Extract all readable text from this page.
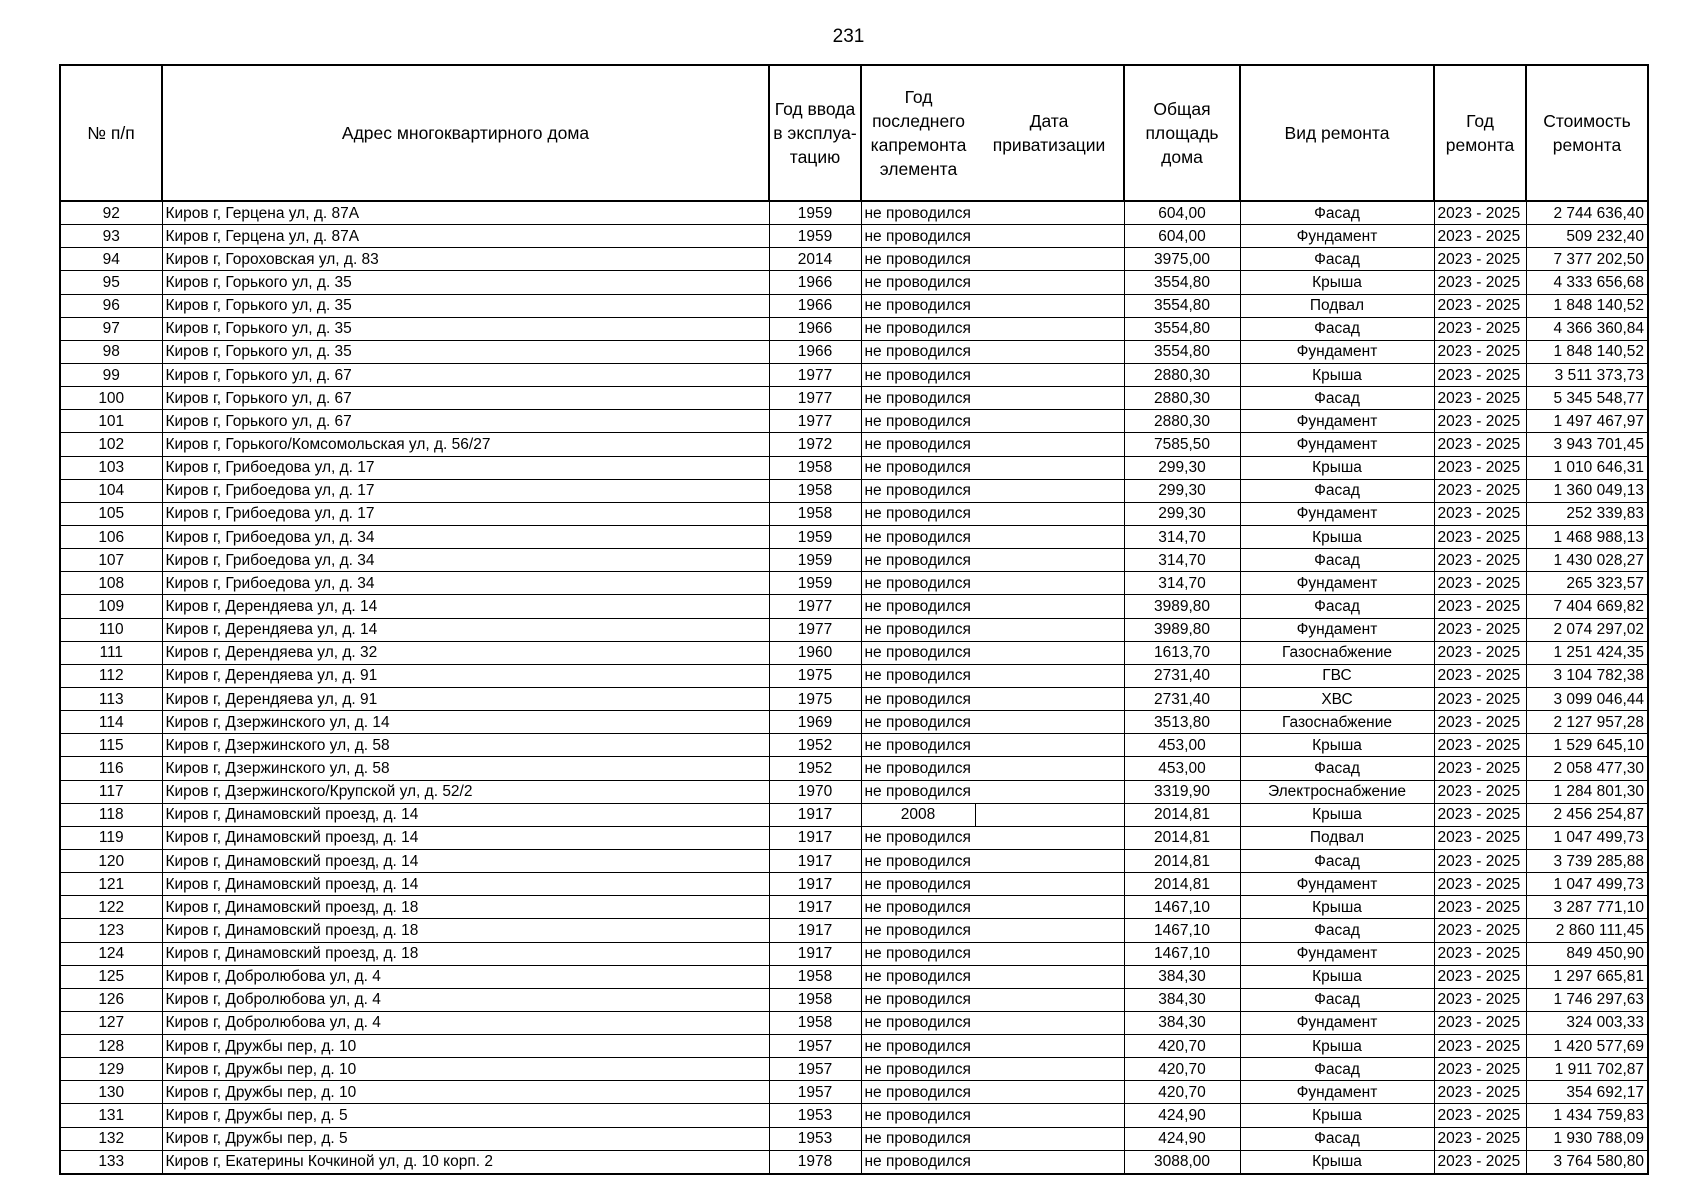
231
№ п/п	Адрес многоквартирного дома	Год ввода в эксплуа-тацию	Год последнего капремонта элемента	Дата приватизации	Общая площадь дома	Вид ремонта	Год ремонта	Стоимость ремонта
92	Киров г, Герцена ул, д. 87А	1959	не проводился		604,00	Фасад	2023 - 2025	2 744 636,40
93	Киров г, Герцена ул, д. 87А	1959	не проводился		604,00	Фундамент	2023 - 2025	509 232,40
94	Киров г, Гороховская ул, д. 83	2014	не проводился		3975,00	Фасад	2023 - 2025	7 377 202,50
95	Киров г, Горького ул, д. 35	1966	не проводился		3554,80	Крыша	2023 - 2025	4 333 656,68
96	Киров г, Горького ул, д. 35	1966	не проводился		3554,80	Подвал	2023 - 2025	1 848 140,52
97	Киров г, Горького ул, д. 35	1966	не проводился		3554,80	Фасад	2023 - 2025	4 366 360,84
98	Киров г, Горького ул, д. 35	1966	не проводился		3554,80	Фундамент	2023 - 2025	1 848 140,52
99	Киров г, Горького ул, д. 67	1977	не проводился		2880,30	Крыша	2023 - 2025	3 511 373,73
100	Киров г, Горького ул, д. 67	1977	не проводился		2880,30	Фасад	2023 - 2025	5 345 548,77
101	Киров г, Горького ул, д. 67	1977	не проводился		2880,30	Фундамент	2023 - 2025	1 497 467,97
102	Киров г, Горького/Комсомольская ул, д. 56/27	1972	не проводился		7585,50	Фундамент	2023 - 2025	3 943 701,45
103	Киров г, Грибоедова ул, д. 17	1958	не проводился		299,30	Крыша	2023 - 2025	1 010 646,31
104	Киров г, Грибоедова ул, д. 17	1958	не проводился		299,30	Фасад	2023 - 2025	1 360 049,13
105	Киров г, Грибоедова ул, д. 17	1958	не проводился		299,30	Фундамент	2023 - 2025	252 339,83
106	Киров г, Грибоедова ул, д. 34	1959	не проводился		314,70	Крыша	2023 - 2025	1 468 988,13
107	Киров г, Грибоедова ул, д. 34	1959	не проводился		314,70	Фасад	2023 - 2025	1 430 028,27
108	Киров г, Грибоедова ул, д. 34	1959	не проводился		314,70	Фундамент	2023 - 2025	265 323,57
109	Киров г, Дерендяева ул, д. 14	1977	не проводился		3989,80	Фасад	2023 - 2025	7 404 669,82
110	Киров г, Дерендяева ул, д. 14	1977	не проводился		3989,80	Фундамент	2023 - 2025	2 074 297,02
111	Киров г, Дерендяева ул, д. 32	1960	не проводился		1613,70	Газоснабжение	2023 - 2025	1 251 424,35
112	Киров г, Дерендяева ул, д. 91	1975	не проводился		2731,40	ГВС	2023 - 2025	3 104 782,38
113	Киров г, Дерендяева ул, д. 91	1975	не проводился		2731,40	ХВС	2023 - 2025	3 099 046,44
114	Киров г, Дзержинского ул, д. 14	1969	не проводился		3513,80	Газоснабжение	2023 - 2025	2 127 957,28
115	Киров г, Дзержинского ул, д. 58	1952	не проводился		453,00	Крыша	2023 - 2025	1 529 645,10
116	Киров г, Дзержинского ул, д. 58	1952	не проводился		453,00	Фасад	2023 - 2025	2 058 477,30
117	Киров г, Дзержинского/Крупской ул, д. 52/2	1970	не проводился		3319,90	Электроснабжение	2023 - 2025	1 284 801,30
118	Киров г, Динамовский проезд, д. 14	1917	2008		2014,81	Крыша	2023 - 2025	2 456 254,87
119	Киров г, Динамовский проезд, д. 14	1917	не проводился		2014,81	Подвал	2023 - 2025	1 047 499,73
120	Киров г, Динамовский проезд, д. 14	1917	не проводился		2014,81	Фасад	2023 - 2025	3 739 285,88
121	Киров г, Динамовский проезд, д. 14	1917	не проводился		2014,81	Фундамент	2023 - 2025	1 047 499,73
122	Киров г, Динамовский проезд, д. 18	1917	не проводился		1467,10	Крыша	2023 - 2025	3 287 771,10
123	Киров г, Динамовский проезд, д. 18	1917	не проводился		1467,10	Фасад	2023 - 2025	2 860 111,45
124	Киров г, Динамовский проезд, д. 18	1917	не проводился		1467,10	Фундамент	2023 - 2025	849 450,90
125	Киров г, Добролюбова ул, д. 4	1958	не проводился		384,30	Крыша	2023 - 2025	1 297 665,81
126	Киров г, Добролюбова ул, д. 4	1958	не проводился		384,30	Фасад	2023 - 2025	1 746 297,63
127	Киров г, Добролюбова ул, д. 4	1958	не проводился		384,30	Фундамент	2023 - 2025	324 003,33
128	Киров г, Дружбы пер, д. 10	1957	не проводился		420,70	Крыша	2023 - 2025	1 420 577,69
129	Киров г, Дружбы пер, д. 10	1957	не проводился		420,70	Фасад	2023 - 2025	1 911 702,87
130	Киров г, Дружбы пер, д. 10	1957	не проводился		420,70	Фундамент	2023 - 2025	354 692,17
131	Киров г, Дружбы пер, д. 5	1953	не проводился		424,90	Крыша	2023 - 2025	1 434 759,83
132	Киров г, Дружбы пер, д. 5	1953	не проводился		424,90	Фасад	2023 - 2025	1 930 788,09
133	Киров г, Екатерины Кочкиной ул, д. 10 корп. 2	1978	не проводился		3088,00	Крыша	2023 - 2025	3 764 580,80
